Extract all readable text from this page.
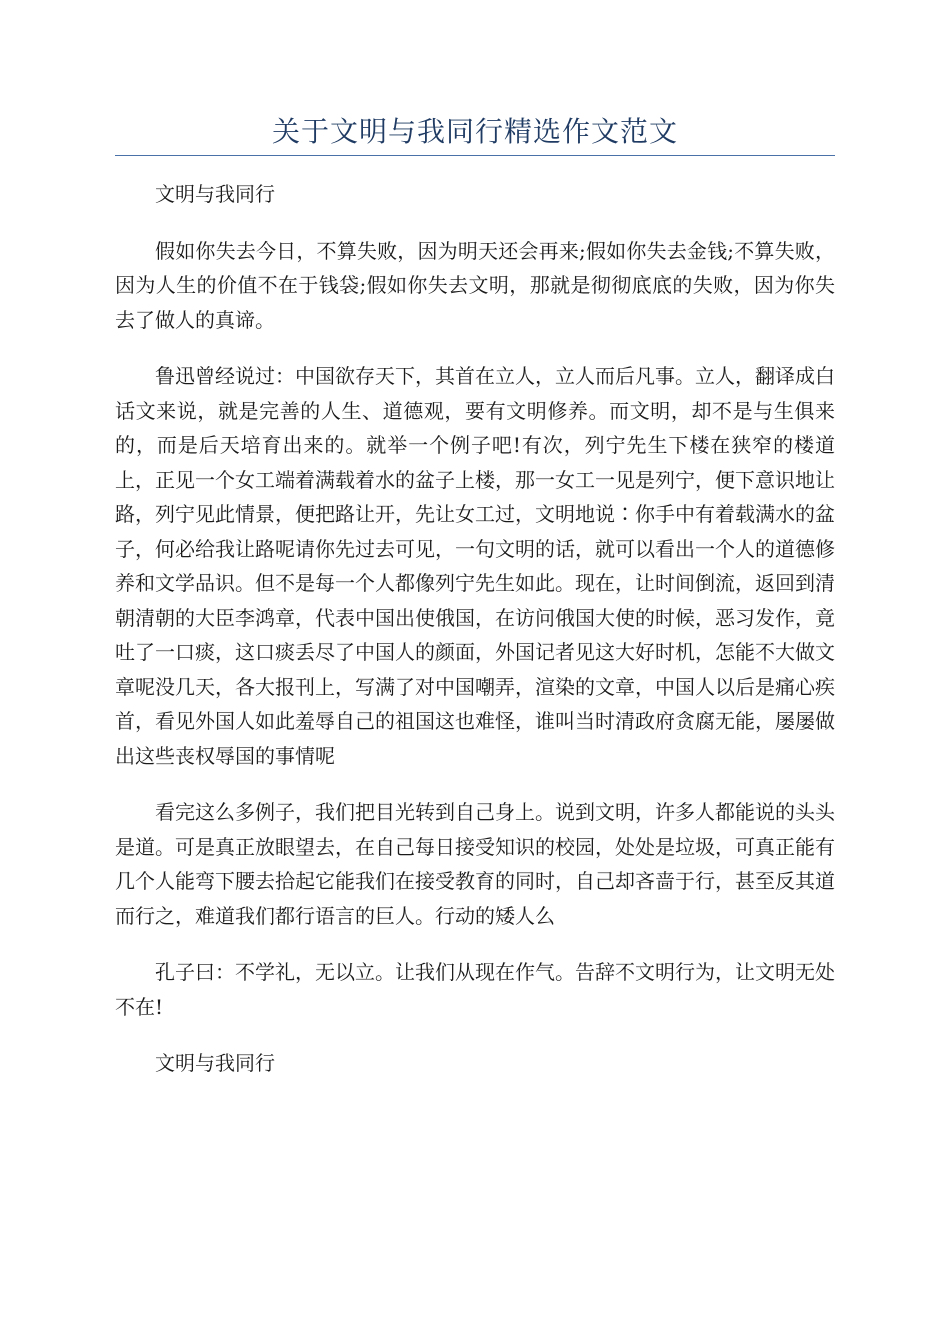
关于文明与我同行精选作文范文

文明与我同行

假如你失去今日，不算失败，因为明天还会再来;假如你失去金钱;不算失败，因为人生的价值不在于钱袋;假如你失去文明，那就是彻彻底底的失败，因为你失去了做人的真谛。

鲁迅曾经说过：中国欲存天下，其首在立人，立人而后凡事。立人，翻译成白话文来说，就是完善的人生、道德观，要有文明修养。而文明，却不是与生俱来的，而是后天培育出来的。就举一个例子吧!有次，列宁先生下楼在狭窄的楼道上，正见一个女工端着满载着水的盆子上楼，那一女工一见是列宁，便下意识地让路，列宁见此情景，便把路让开，先让女工过，文明地说∶你手中有着载满水的盆子，何必给我让路呢请你先过去可见，一句文明的话，就可以看出一个人的道德修养和文学品识。但不是每一个人都像列宁先生如此。现在，让时间倒流，返回到清朝清朝的大臣李鸿章，代表中国出使俄国，在访问俄国大使的时候，恶习发作，竟吐了一口痰，这口痰丢尽了中国人的颜面，外国记者见这大好时机，怎能不大做文章呢没几天，各大报刊上，写满了对中国嘲弄，渲染的文章，中国人以后是痛心疾首，看见外国人如此羞辱自己的祖国这也难怪，谁叫当时清政府贪腐无能，屡屡做出这些丧权辱国的事情呢

看完这么多例子，我们把目光转到自己身上。说到文明，许多人都能说的头头是道。可是真正放眼望去，在自己每日接受知识的校园，处处是垃圾，可真正能有几个人能弯下腰去拾起它能我们在接受教育的同时，自己却吝啬于行，甚至反其道而行之，难道我们都行语言的巨人。行动的矮人么

孔子曰：不学礼，无以立。让我们从现在作气。告辞不文明行为，让文明无处不在!

文明与我同行
